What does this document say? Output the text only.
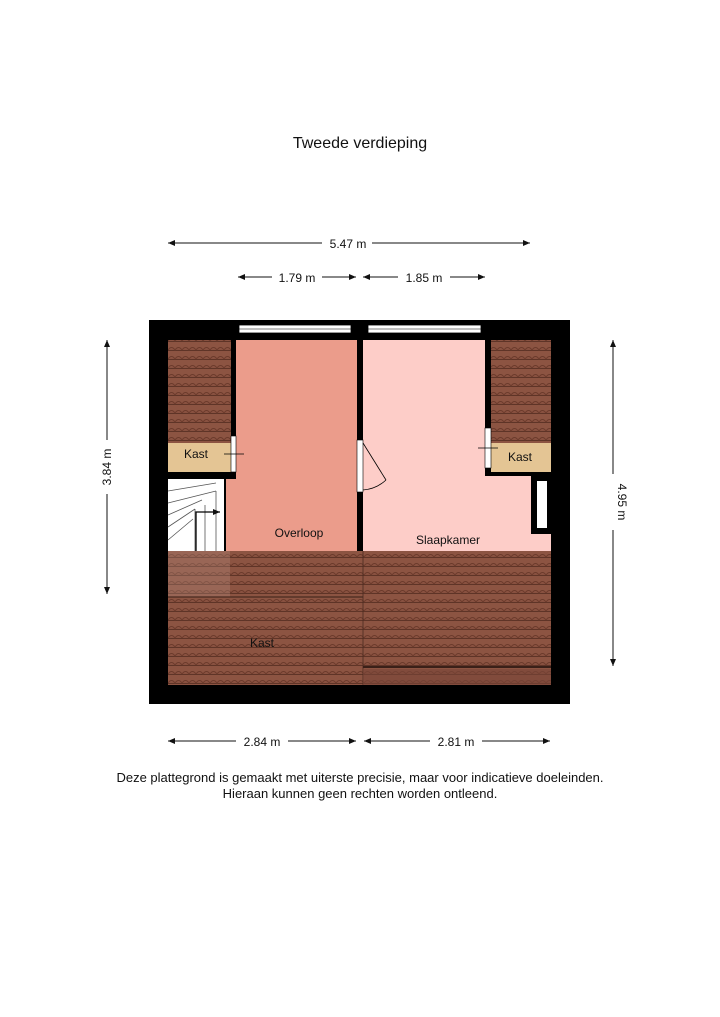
Tweede verdieping
5.47 m
1.79 m	1.85 m
3.84 m
4.95 m
Kast	Kast
Overloop	Slaapkamer
Kast
2.84 m	2.81 m
Deze plattegrond is gemaakt met uiterste precisie, maar voor indicatieve doeleinden.
Hieraan kunnen geen rechten worden ontleend.
